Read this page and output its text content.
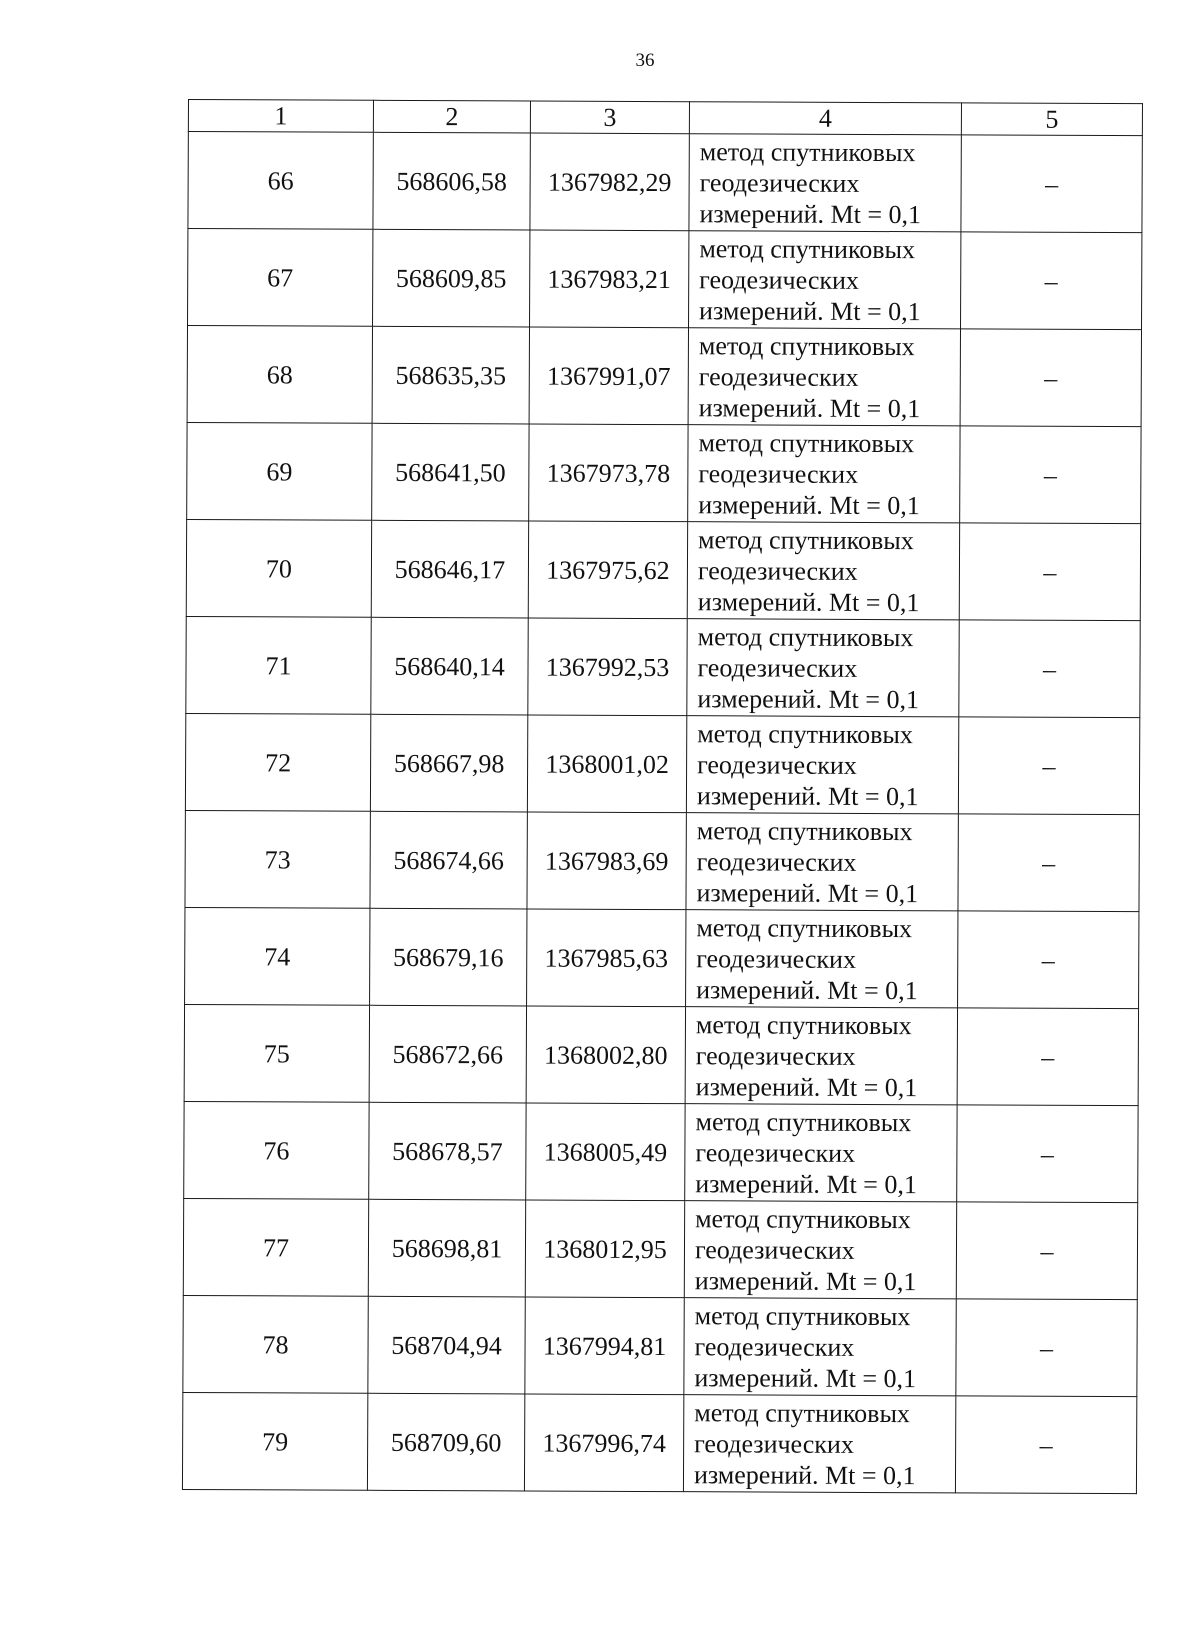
36
1	2	3	4	5
66	568606,58	1367982,29	метод спутниковых
геодезических
измерений. Mt = 0,1	–
67	568609,85	1367983,21	метод спутниковых
геодезических
измерений. Mt = 0,1	–
68	568635,35	1367991,07	метод спутниковых
геодезических
измерений. Mt = 0,1	–
69	568641,50	1367973,78	метод спутниковых
геодезических
измерений. Mt = 0,1	–
70	568646,17	1367975,62	метод спутниковых
геодезических
измерений. Mt = 0,1	–
71	568640,14	1367992,53	метод спутниковых
геодезических
измерений. Mt = 0,1	–
72	568667,98	1368001,02	метод спутниковых
геодезических
измерений. Mt = 0,1	–
73	568674,66	1367983,69	метод спутниковых
геодезических
измерений. Mt = 0,1	–
74	568679,16	1367985,63	метод спутниковых
геодезических
измерений. Mt = 0,1	–
75	568672,66	1368002,80	метод спутниковых
геодезических
измерений. Mt = 0,1	–
76	568678,57	1368005,49	метод спутниковых
геодезических
измерений. Mt = 0,1	–
77	568698,81	1368012,95	метод спутниковых
геодезических
измерений. Mt = 0,1	–
78	568704,94	1367994,81	метод спутниковых
геодезических
измерений. Mt = 0,1	–
79	568709,60	1367996,74	метод спутниковых
геодезических
измерений. Mt = 0,1	–
